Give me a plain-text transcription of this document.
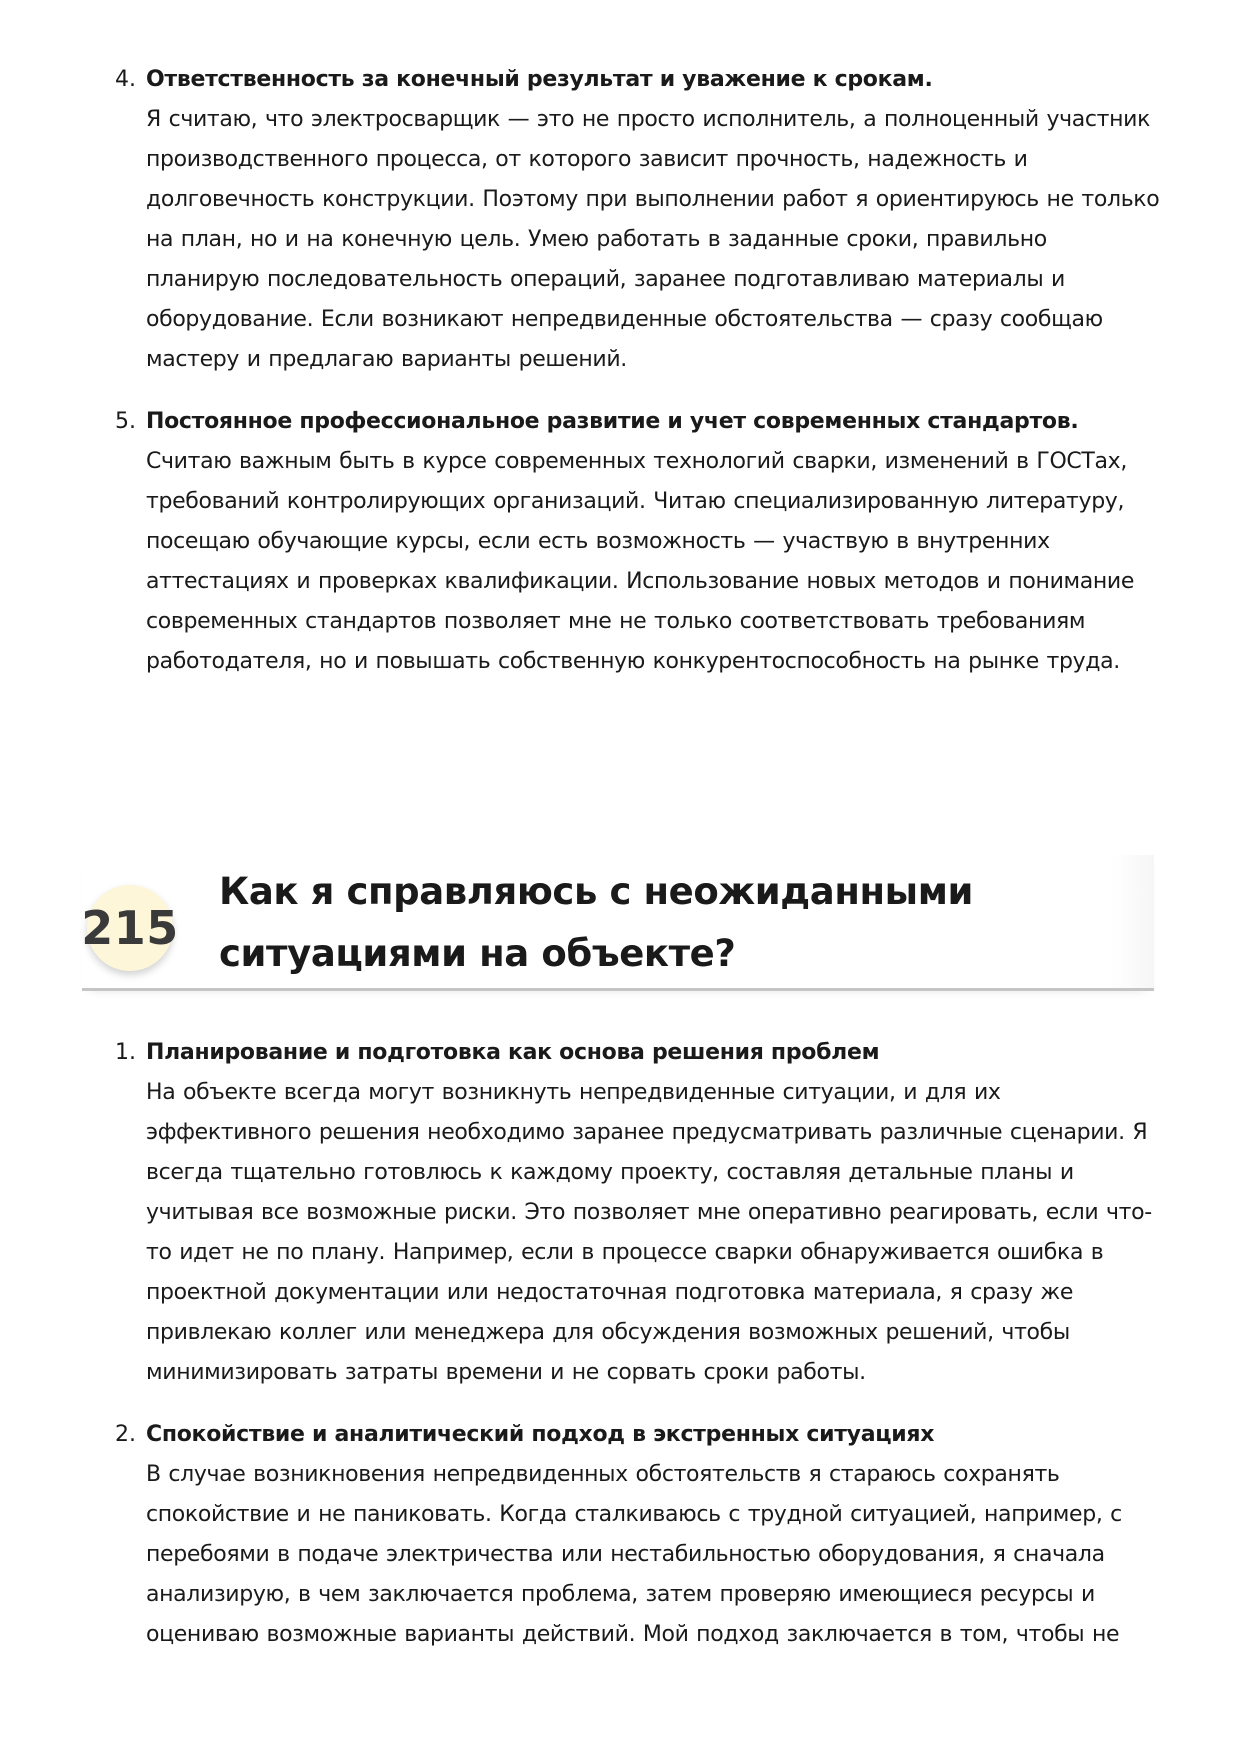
4. Ответственность за конечный результат и уважение к срокам.

Я считаю, что электросварщик — это не просто исполнитель, а полноценный участник производственного процесса, от которого зависит прочность, надежность и долговечность конструкции. Поэтому при выполнении работ я ориентируюсь не только на план, но и на конечную цель. Умею работать в заданные сроки, правильно планирую последовательность операций, заранее подготавливаю материалы и оборудование. Если возникают непредвиденные обстоятельства — сразу сообщаю мастеру и предлагаю варианты решений.

5. Постоянное профессиональное развитие и учет современных стандартов.

Считаю важным быть в курсе современных технологий сварки, изменений в ГОСТах, требований контролирующих организаций. Читаю специализированную литературу, посещаю обучающие курсы, если есть возможность — участвую в внутренних аттестациях и проверках квалификации. Использование новых методов и понимание современных стандартов позволяет мне не только соответствовать требованиям работодателя, но и повышать собственную конкурентоспособность на рынке труда.

215
Как я справляюсь с неожиданными ситуациями на объекте?
1. Планирование и подготовка как основа решения проблем

На объекте всегда могут возникнуть непредвиденные ситуации, и для их эффективного решения необходимо заранее предусматривать различные сценарии. Я всегда тщательно готовлюсь к каждому проекту, составляя детальные планы и учитывая все возможные риски. Это позволяет мне оперативно реагировать, если что-то идет не по плану. Например, если в процессе сварки обнаруживается ошибка в проектной документации или недостаточная подготовка материала, я сразу же привлекаю коллег или менеджера для обсуждения возможных решений, чтобы минимизировать затраты времени и не сорвать сроки работы.

2. Спокойствие и аналитический подход в экстренных ситуациях

В случае возникновения непредвиденных обстоятельств я стараюсь сохранять спокойствие и не паниковать. Когда сталкиваюсь с трудной ситуацией, например, с перебоями в подаче электричества или нестабильностью оборудования, я сначала анализирую, в чем заключается проблема, затем проверяю имеющиеся ресурсы и оцениваю возможные варианты действий. Мой подход заключается в том, чтобы не
